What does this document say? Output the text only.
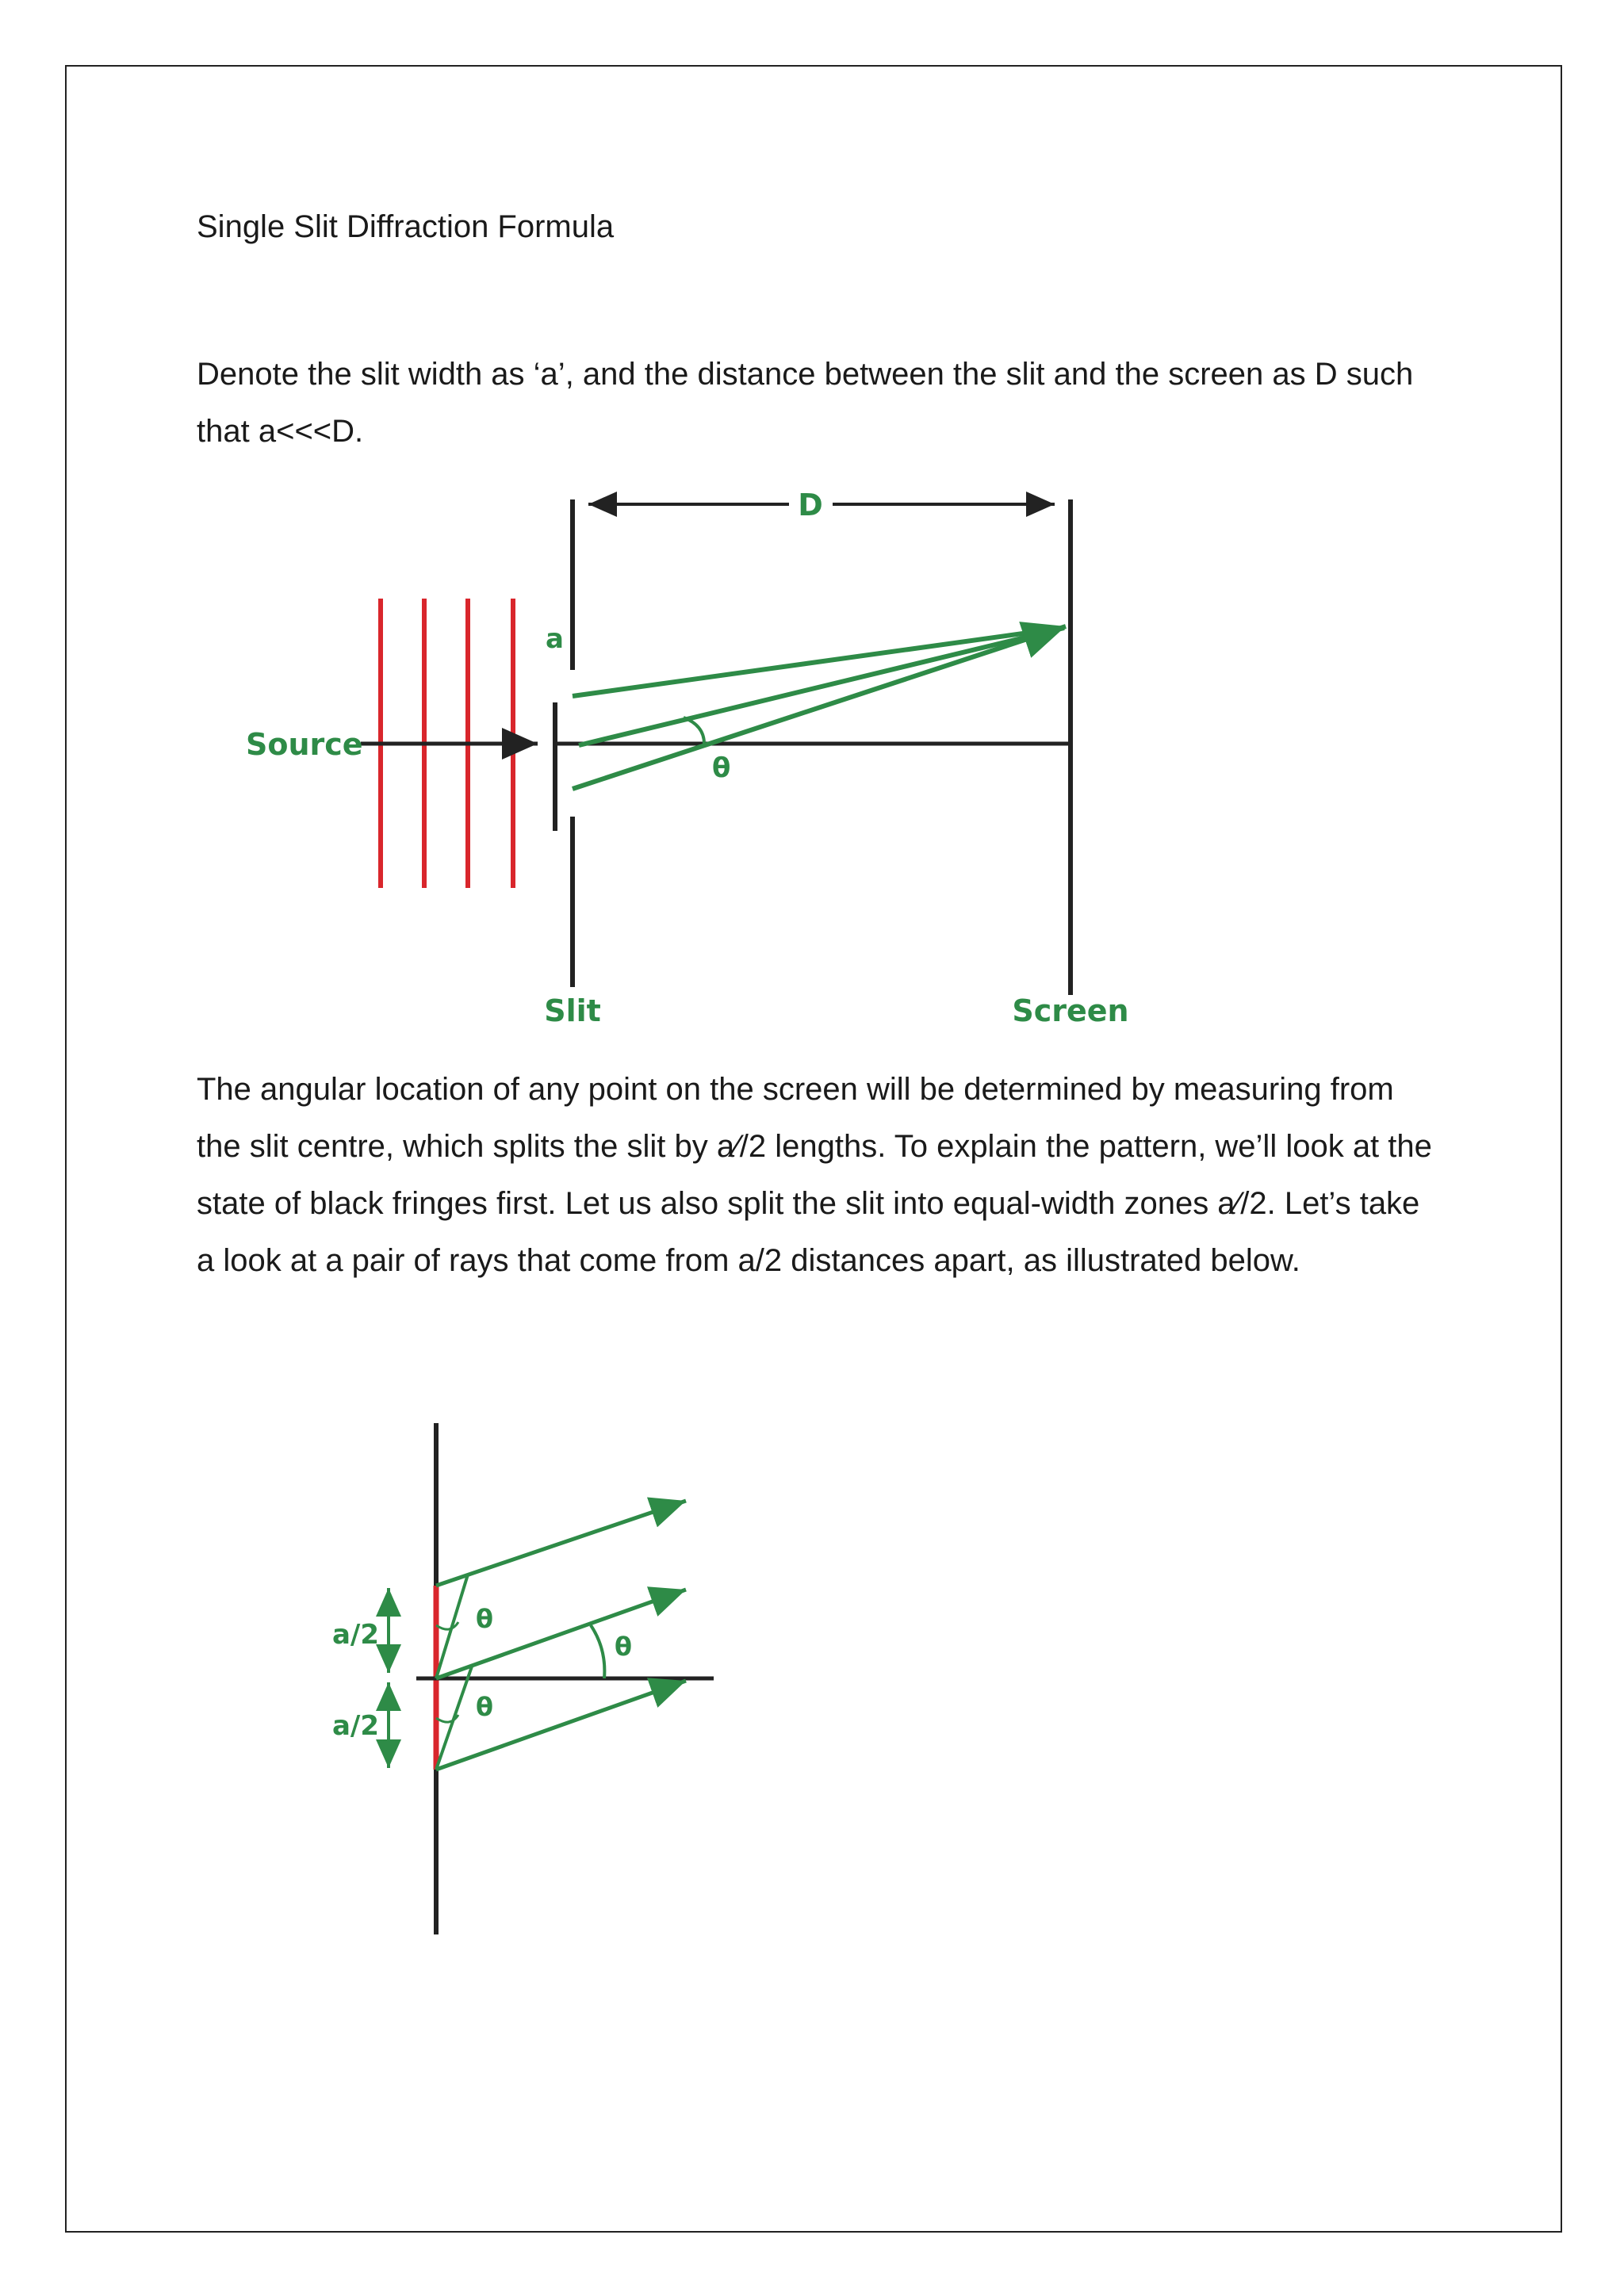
Single Slit Diffraction Formula

Denote the slit width as ‘a’, and the distance between the slit and the screen as D such that a<<<D.

The angular location of any point on the screen will be determined by measuring from the slit centre, which splits the slit by a⁄/2 lengths. To explain the pattern, we’ll look at the state of black fringes first. Let us also split the slit into equal-width zones a⁄/2. Let’s take a look at a pair of rays that come from a/2 distances apart, as illustrated below.

Source
a
D
θ
Slit	Screen
θ
θ
θ
a/2
a/2
